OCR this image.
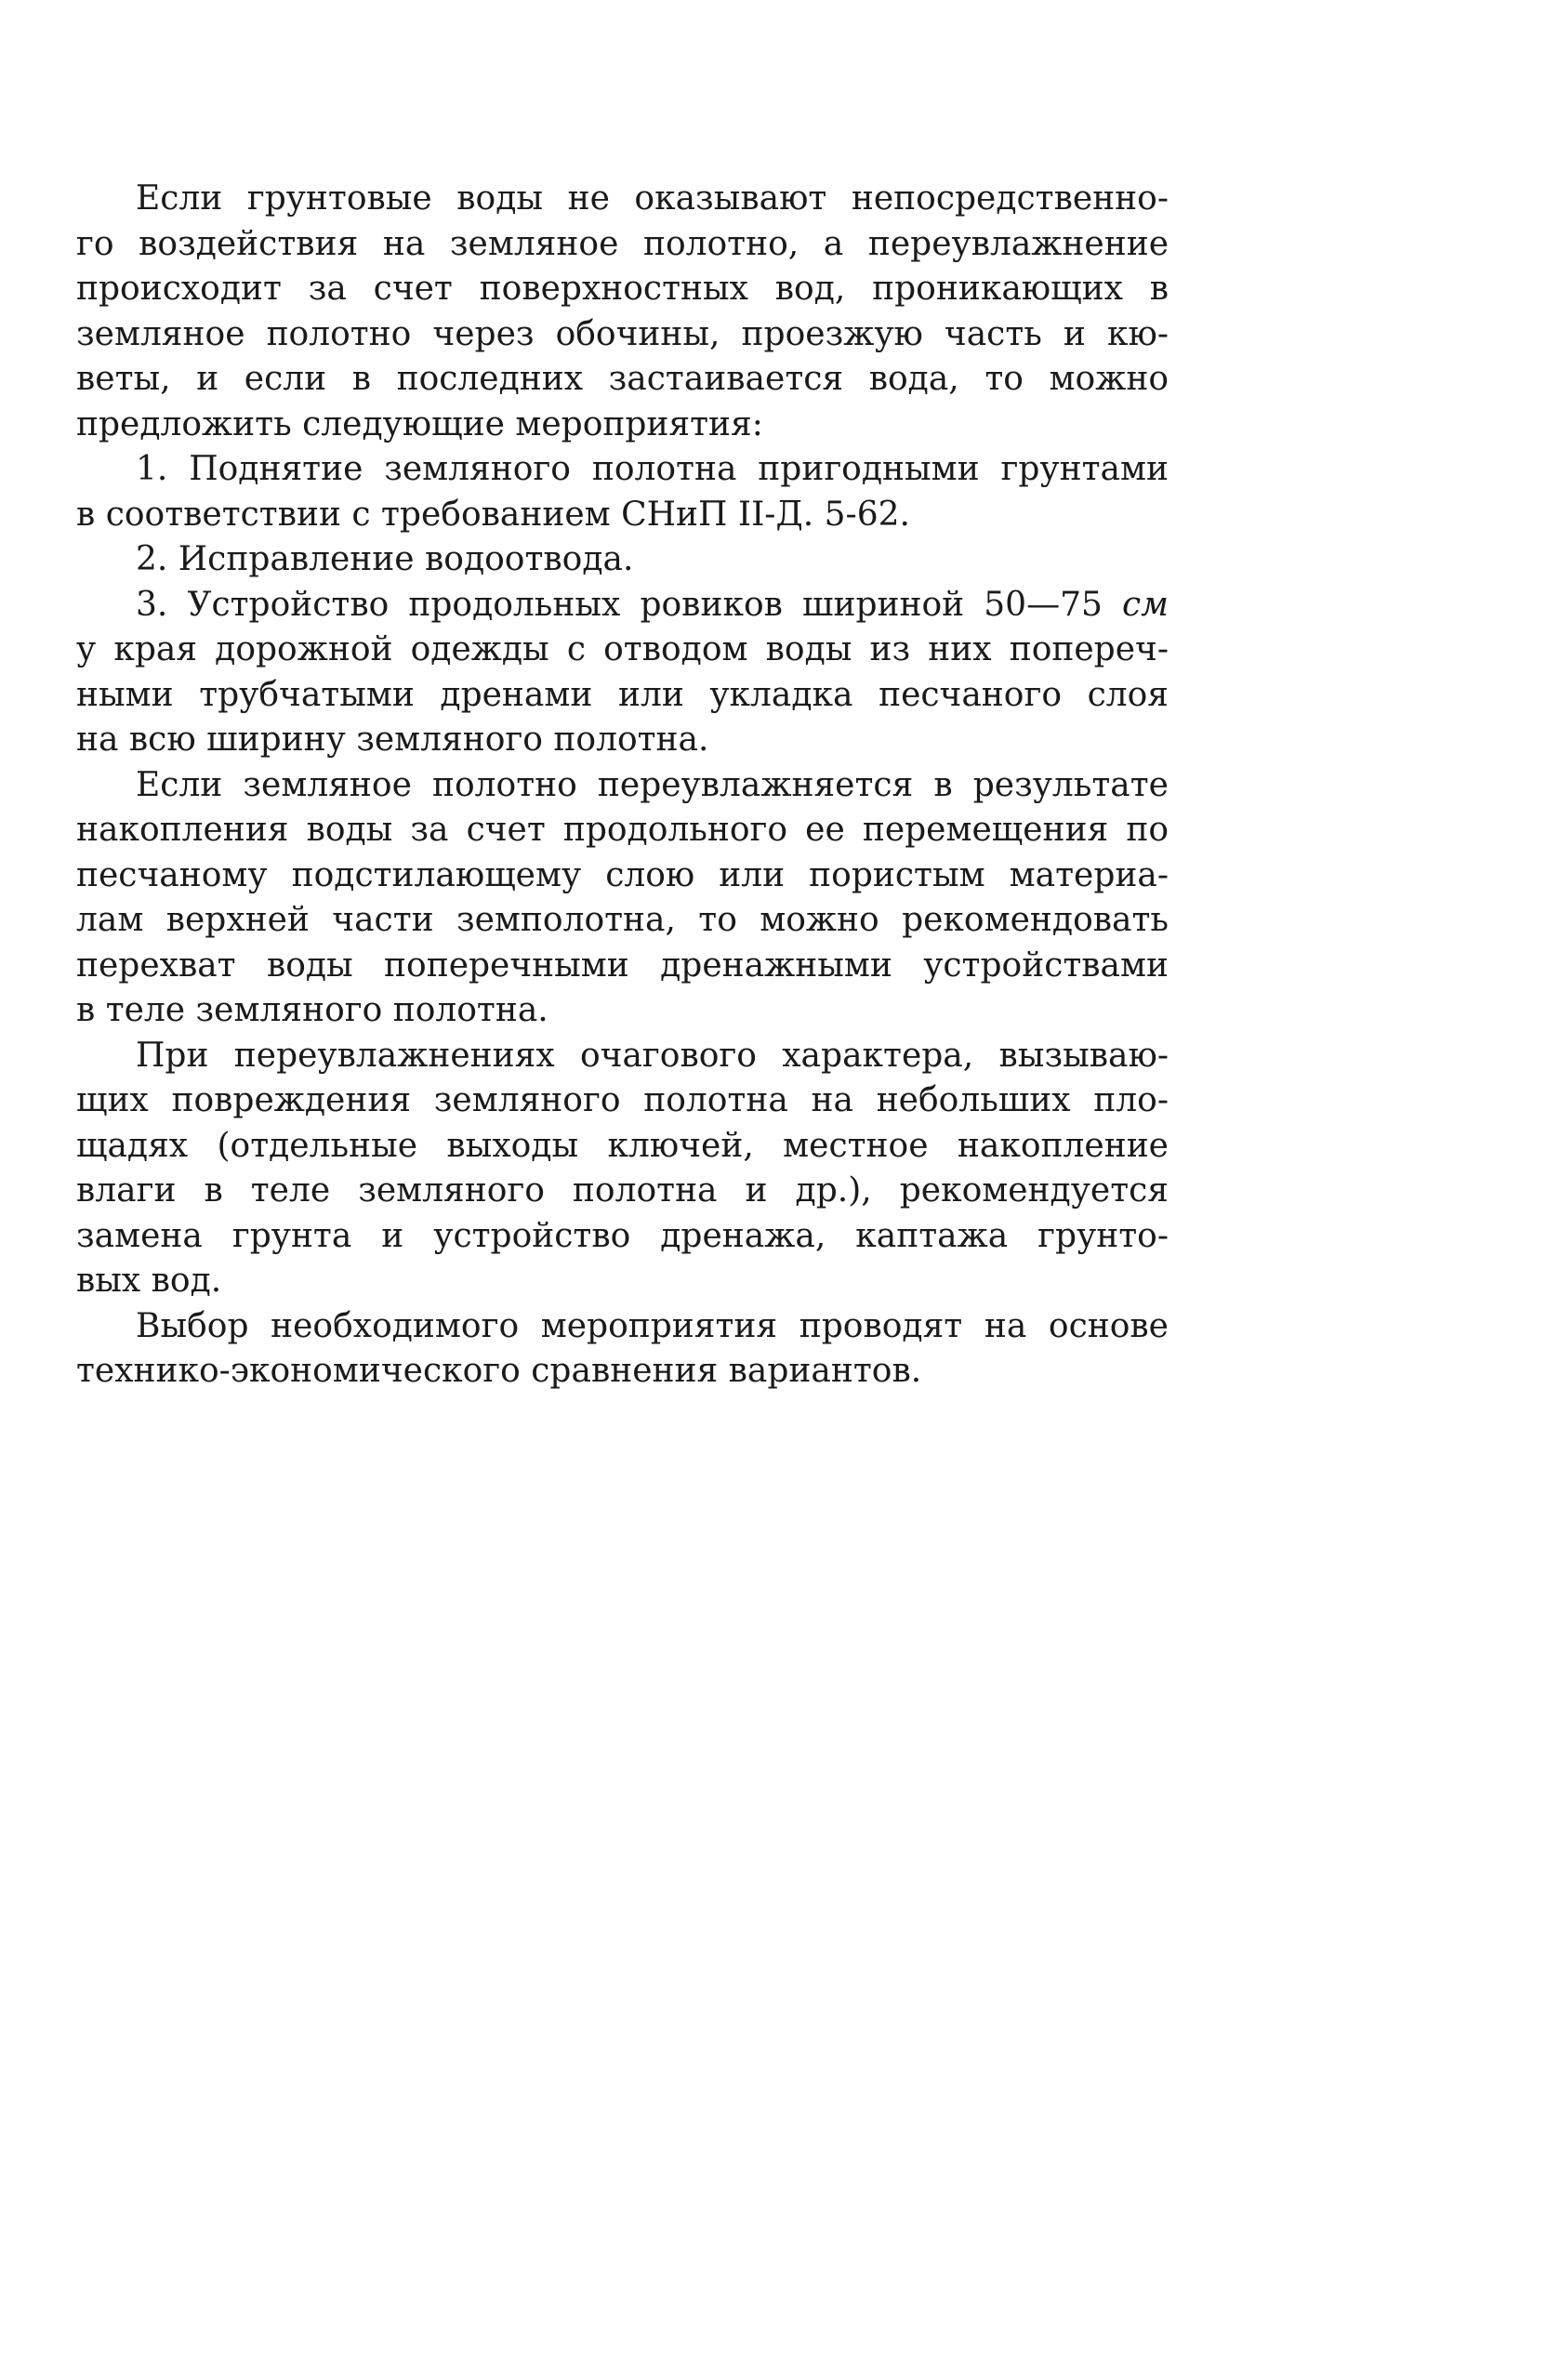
Если грунтовые воды не оказывают непосредственно-
го воздействия на земляное полотно, а переувлажнение
происходит за счет поверхностных вод, проникающих в
земляное полотно через обочины, проезжую часть и кю-
веты, и если в последних застаивается вода, то можно
предложить следующие мероприятия:
1. Поднятие земляного полотна пригодными грунтами
в соответствии с требованием СНиП II-Д. 5-62.
2. Исправление водоотвода.
3. Устройство продольных ровиков шириной 50—75 см
у края дорожной одежды с отводом воды из них попереч-
ными трубчатыми дренами или укладка песчаного слоя
на всю ширину земляного полотна.
Если земляное полотно переувлажняется в результате
накопления воды за счет продольного ее перемещения по
песчаному подстилающему слою или пористым материа-
лам верхней части земполотна, то можно рекомендовать
перехват воды поперечными дренажными устройствами
в теле земляного полотна.
При переувлажнениях очагового характера, вызываю-
щих повреждения земляного полотна на небольших пло-
щадях (отдельные выходы ключей, местное накопление
влаги в теле земляного полотна и др.), рекомендуется
замена грунта и устройство дренажа, каптажа грунто-
вых вод.
Выбор необходимого мероприятия проводят на основе
технико-экономического сравнения вариантов.
